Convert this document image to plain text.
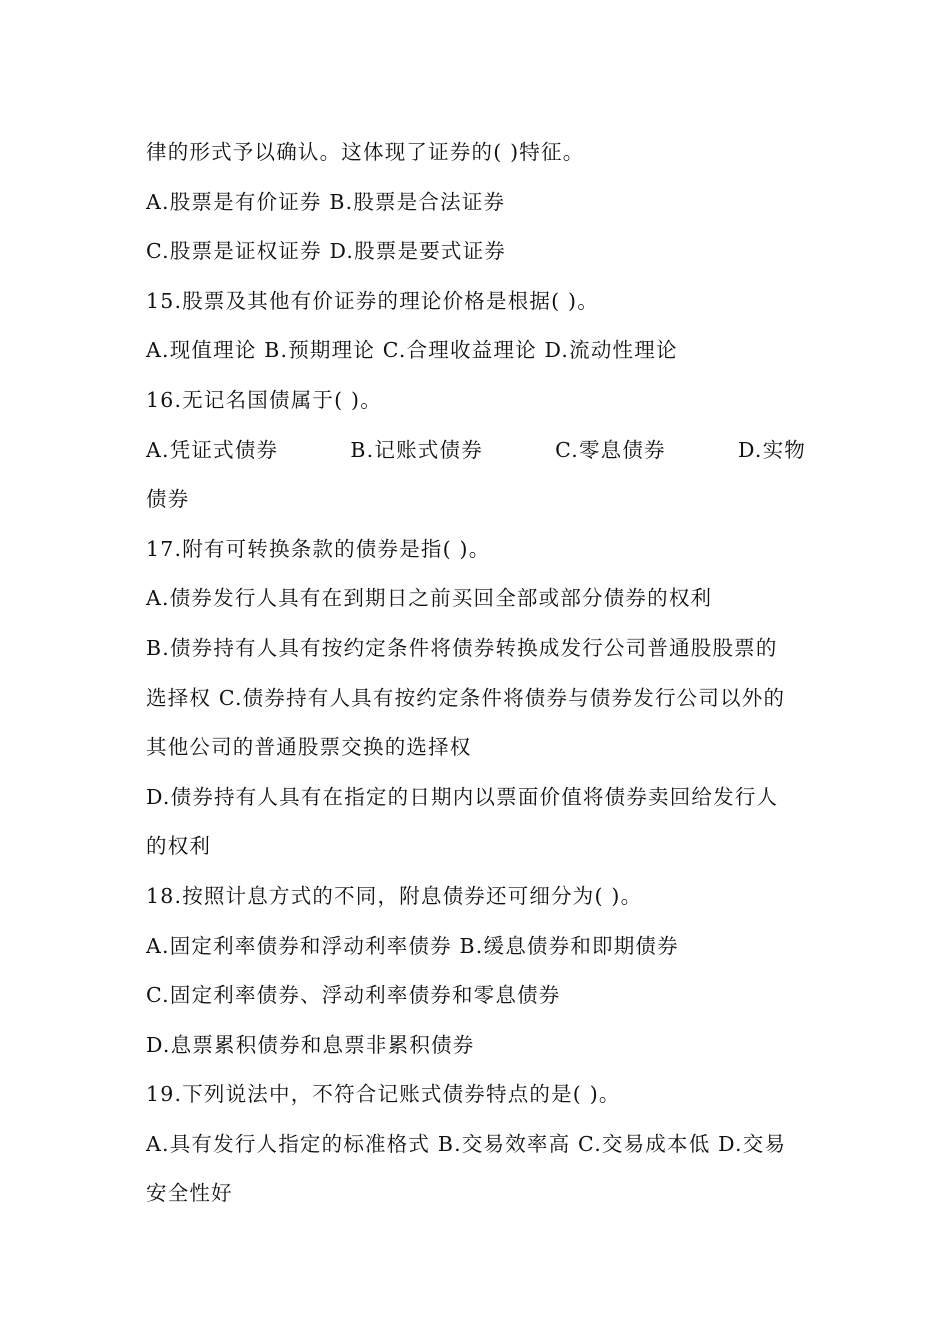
律的形式予以确认。这体现了证券的( )特征。
A.股票是有价证券 B.股票是合法证券
C.股票是证权证券 D.股票是要式证券
15.股票及其他有价证券的理论价格是根据( )。
A.现值理论 B.预期理论 C.合理收益理论 D.流动性理论
16.无记名国债属于( )。
A.凭证式债券	B.记账式债券	C.零息债券	D.实物
债券
17.附有可转换条款的债券是指( )。
A.债券发行人具有在到期日之前买回全部或部分债券的权利
B.债券持有人具有按约定条件将债券转换成发行公司普通股股票的
选择权 C.债券持有人具有按约定条件将债券与债券发行公司以外的
其他公司的普通股票交换的选择权
D.债券持有人具有在指定的日期内以票面价值将债券卖回给发行人
的权利
18.按照计息方式的不同，附息债券还可细分为( )。
A.固定利率债券和浮动利率债券 B.缓息债券和即期债券
C.固定利率债券、浮动利率债券和零息债券
D.息票累积债券和息票非累积债券
19.下列说法中，不符合记账式债券特点的是( )。
A.具有发行人指定的标准格式 B.交易效率高 C.交易成本低 D.交易
安全性好
